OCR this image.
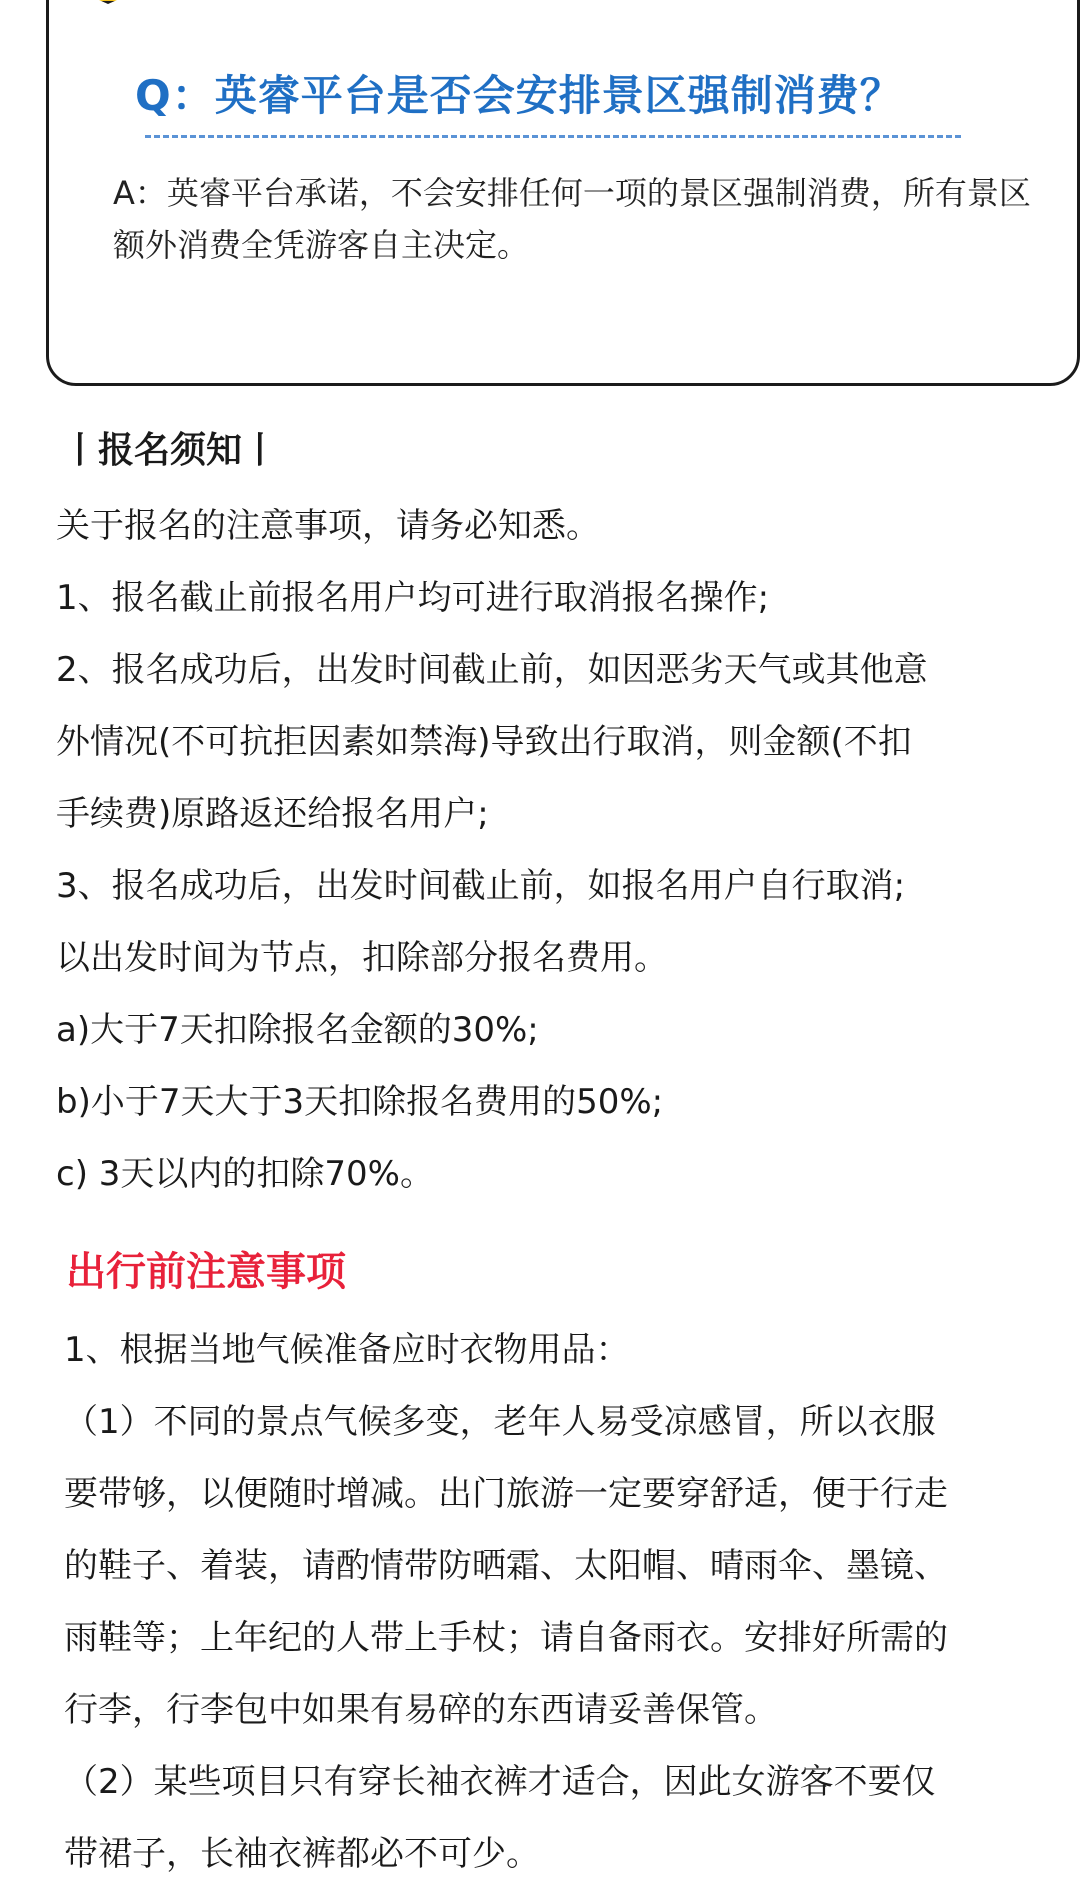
Q：英睿平台是否会安排景区强制消费？
A：英睿平台承诺，不会安排任何一项的景区强制消费，所有景区额外消费全凭游客自主决定。
丨报名须知丨
关于报名的注意事项，请务必知悉。
1、报名截止前报名用户均可进行取消报名操作;
2、报名成功后，出发时间截止前，如因恶劣天气或其他意
外情况(不可抗拒因素如禁海)导致出行取消，则金额(不扣
手续费)原路返还给报名用户;
3、报名成功后，出发时间截止前，如报名用户自行取消;
以出发时间为节点，扣除部分报名费用。
a)大于7天扣除报名金额的30%;
b)小于7天大于3天扣除报名费用的50%;
c) 3天以内的扣除70%。
出行前注意事项
1、根据当地气候准备应时衣物用品：
（1）不同的景点气候多变，老年人易受凉感冒，所以衣服
要带够，以便随时增减。出门旅游一定要穿舒适，便于行走
的鞋子、着装，请酌情带防晒霜、太阳帽、晴雨伞、墨镜、
雨鞋等；上年纪的人带上手杖；请自备雨衣。安排好所需的
行李，行李包中如果有易碎的东西请妥善保管。
（2）某些项目只有穿长袖衣裤才适合，因此女游客不要仅
带裙子，长袖衣裤都必不可少。
